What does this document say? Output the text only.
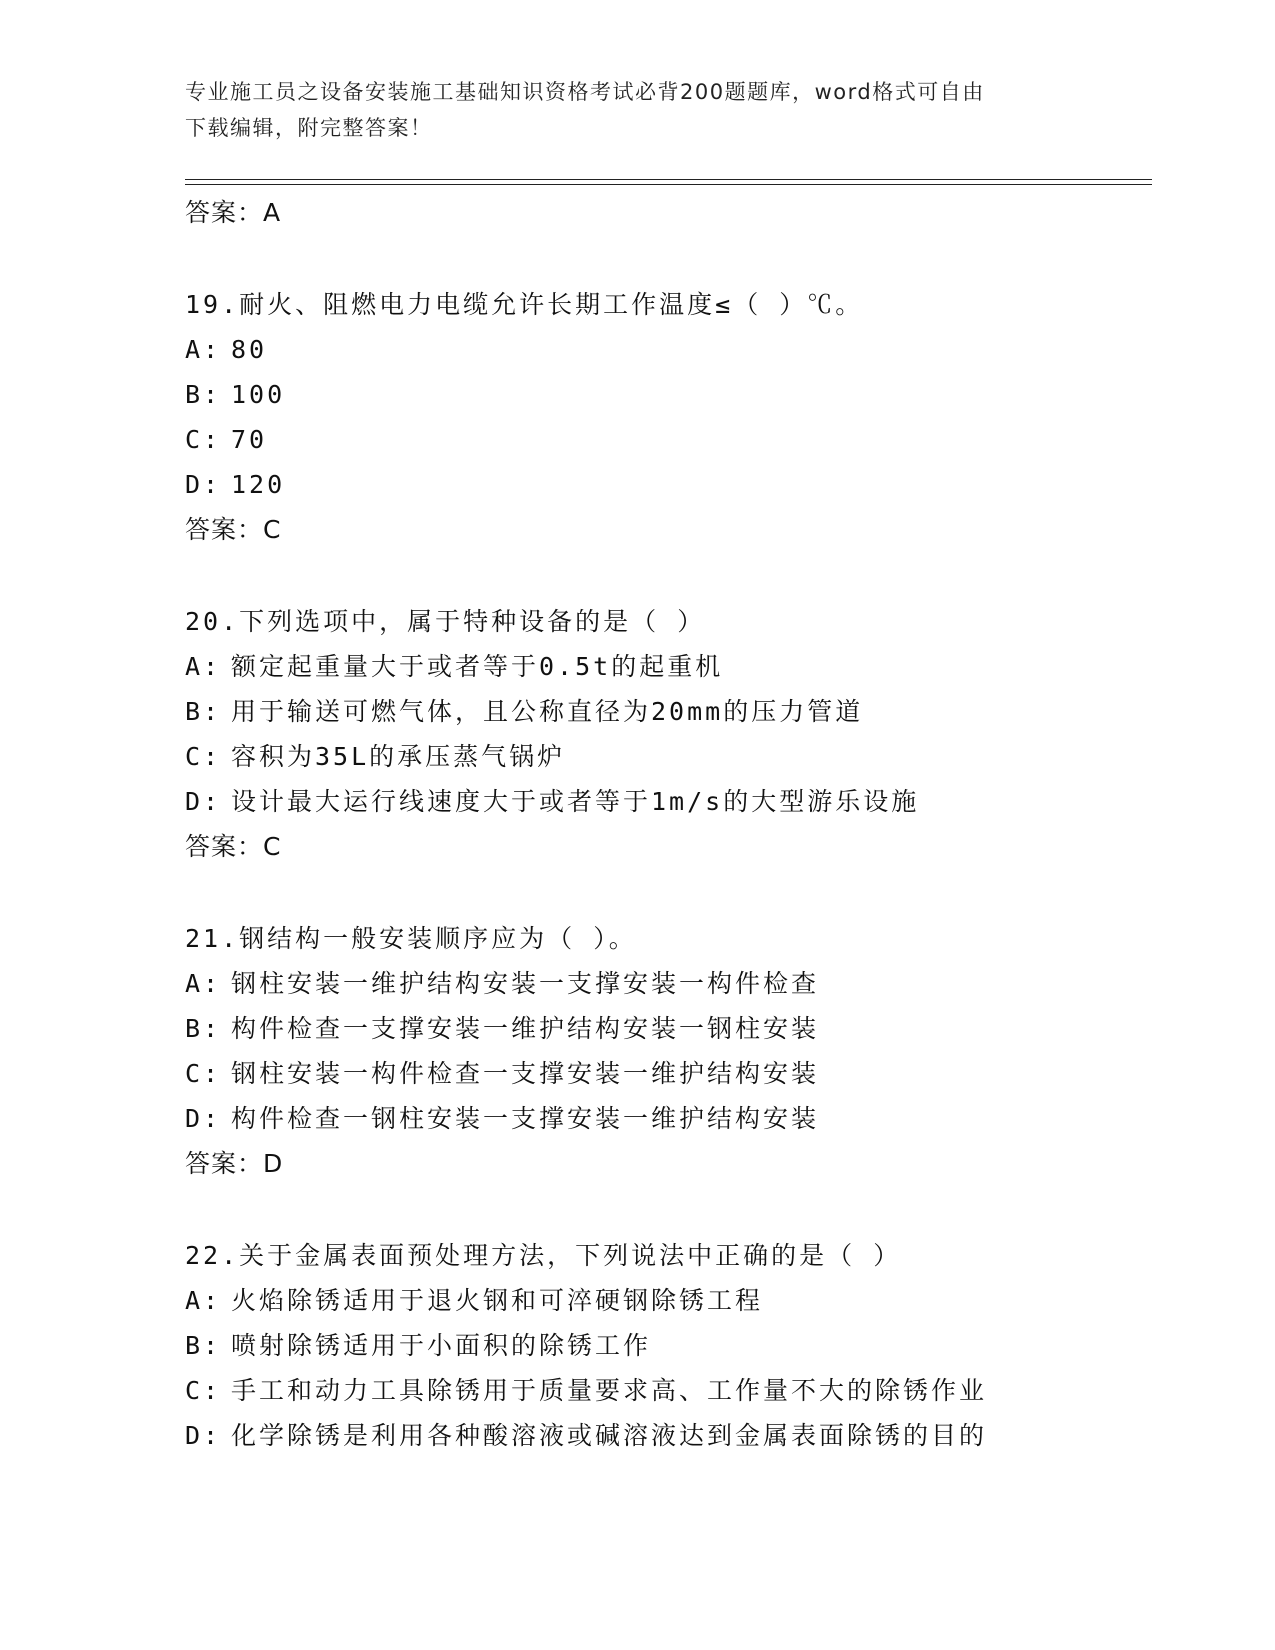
专业施工员之设备安装施工基础知识资格考试必背200题题库，word格式可自由
下载编辑，附完整答案！
答案：A
19.耐火、阻燃电力电缆允许长期工作温度≤（ ）℃。
A: 80
B: 100
C: 70
D: 120
答案：C
20.下列选项中，属于特种设备的是（ ）
A: 额定起重量大于或者等于0.5t的起重机
B: 用于输送可燃气体，且公称直径为20mm的压力管道
C: 容积为35L的承压蒸气锅炉
D: 设计最大运行线速度大于或者等于1m/s的大型游乐设施
答案：C
21.钢结构一般安装顺序应为（ ）。
A: 钢柱安装一维护结构安装一支撑安装一构件检查
B: 构件检查一支撑安装一维护结构安装一钢柱安装
C: 钢柱安装一构件检查一支撑安装一维护结构安装
D: 构件检查一钢柱安装一支撑安装一维护结构安装
答案：D
22.关于金属表面预处理方法，下列说法中正确的是（ ）
A: 火焰除锈适用于退火钢和可淬硬钢除锈工程
B: 喷射除锈适用于小面积的除锈工作
C: 手工和动力工具除锈用于质量要求高、工作量不大的除锈作业
D: 化学除锈是利用各种酸溶液或碱溶液达到金属表面除锈的目的
